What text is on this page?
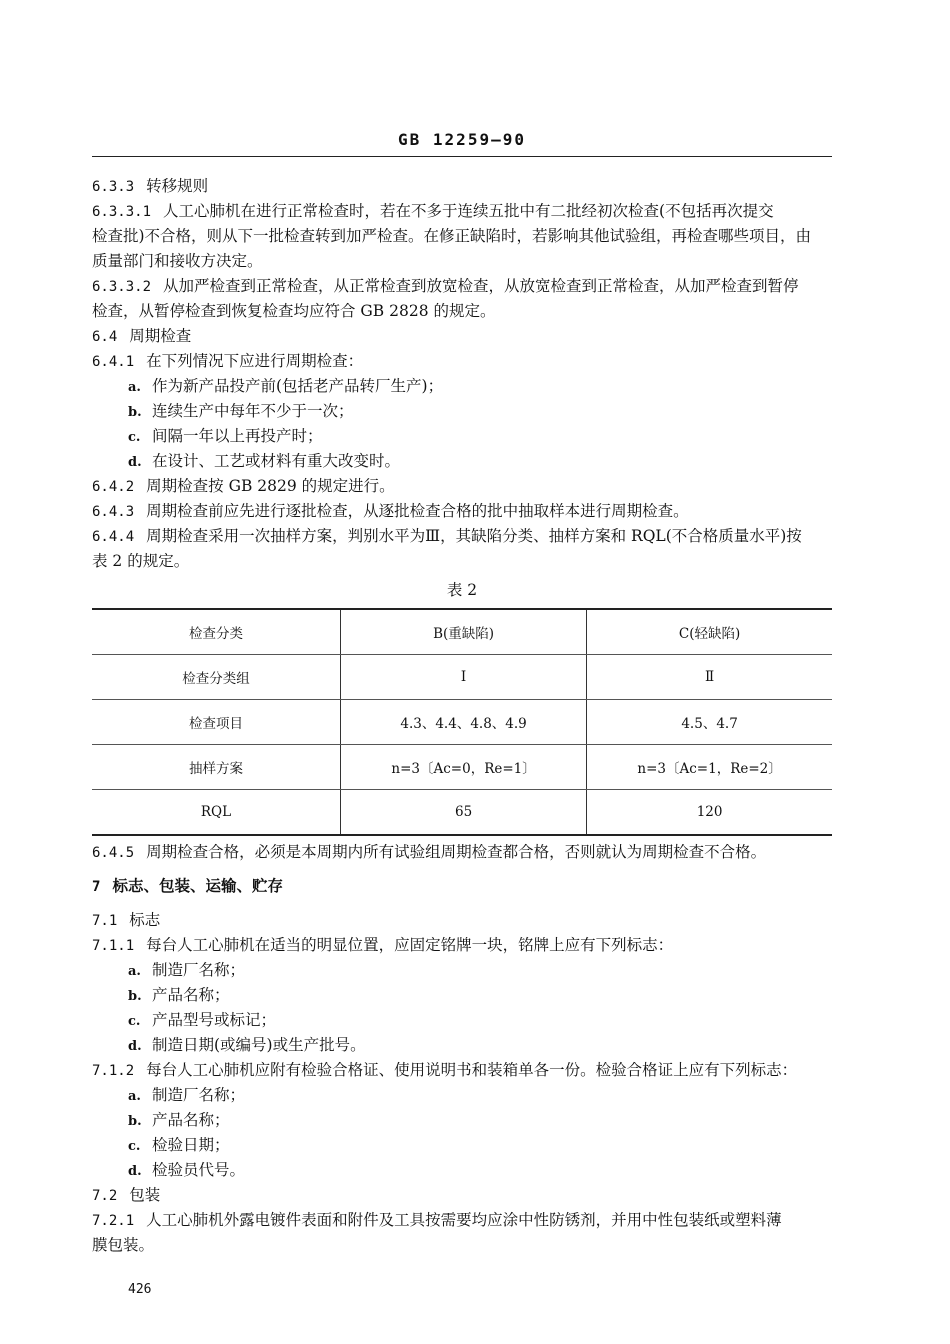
GB 12259—90
6.3.3 转移规则
6.3.3.1 人工心肺机在进行正常检查时，若在不多于连续五批中有二批经初次检查(不包括再次提交
检查批)不合格，则从下一批检查转到加严检查。在修正缺陷时，若影响其他试验组，再检查哪些项目，由
质量部门和接收方决定。
6.3.3.2 从加严检查到正常检查，从正常检查到放宽检查，从放宽检查到正常检查，从加严检查到暂停
检查，从暂停检查到恢复检查均应符合 GB 2828 的规定。
6.4 周期检查
6.4.1 在下列情况下应进行周期检查：
a. 作为新产品投产前(包括老产品转厂生产)；
b. 连续生产中每年不少于一次；
c. 间隔一年以上再投产时；
d. 在设计、工艺或材料有重大改变时。
6.4.2 周期检查按 GB 2829 的规定进行。
6.4.3 周期检查前应先进行逐批检查，从逐批检查合格的批中抽取样本进行周期检查。
6.4.4 周期检查采用一次抽样方案，判别水平为Ⅲ，其缺陷分类、抽样方案和 RQL(不合格质量水平)按
表 2 的规定。
表 2
检查分类	B(重缺陷)	C(轻缺陷)
检查分类组	Ⅰ	Ⅱ
检查项目	4.3、4.4、4.8、4.9	4.5、4.7
抽样方案	n=3〔Ac=0，Re=1〕	n=3〔Ac=1，Re=2〕
RQL	65	120
6.4.5 周期检查合格，必须是本周期内所有试验组周期检查都合格，否则就认为周期检查不合格。
7 标志、包装、运输、贮存
7.1 标志
7.1.1 每台人工心肺机在适当的明显位置，应固定铭牌一块，铭牌上应有下列标志：
a. 制造厂名称；
b. 产品名称；
c. 产品型号或标记；
d. 制造日期(或编号)或生产批号。
7.1.2 每台人工心肺机应附有检验合格证、使用说明书和装箱单各一份。检验合格证上应有下列标志：
a. 制造厂名称；
b. 产品名称；
c. 检验日期；
d. 检验员代号。
7.2 包装
7.2.1 人工心肺机外露电镀件表面和附件及工具按需要均应涂中性防锈剂，并用中性包装纸或塑料薄
膜包装。
426
